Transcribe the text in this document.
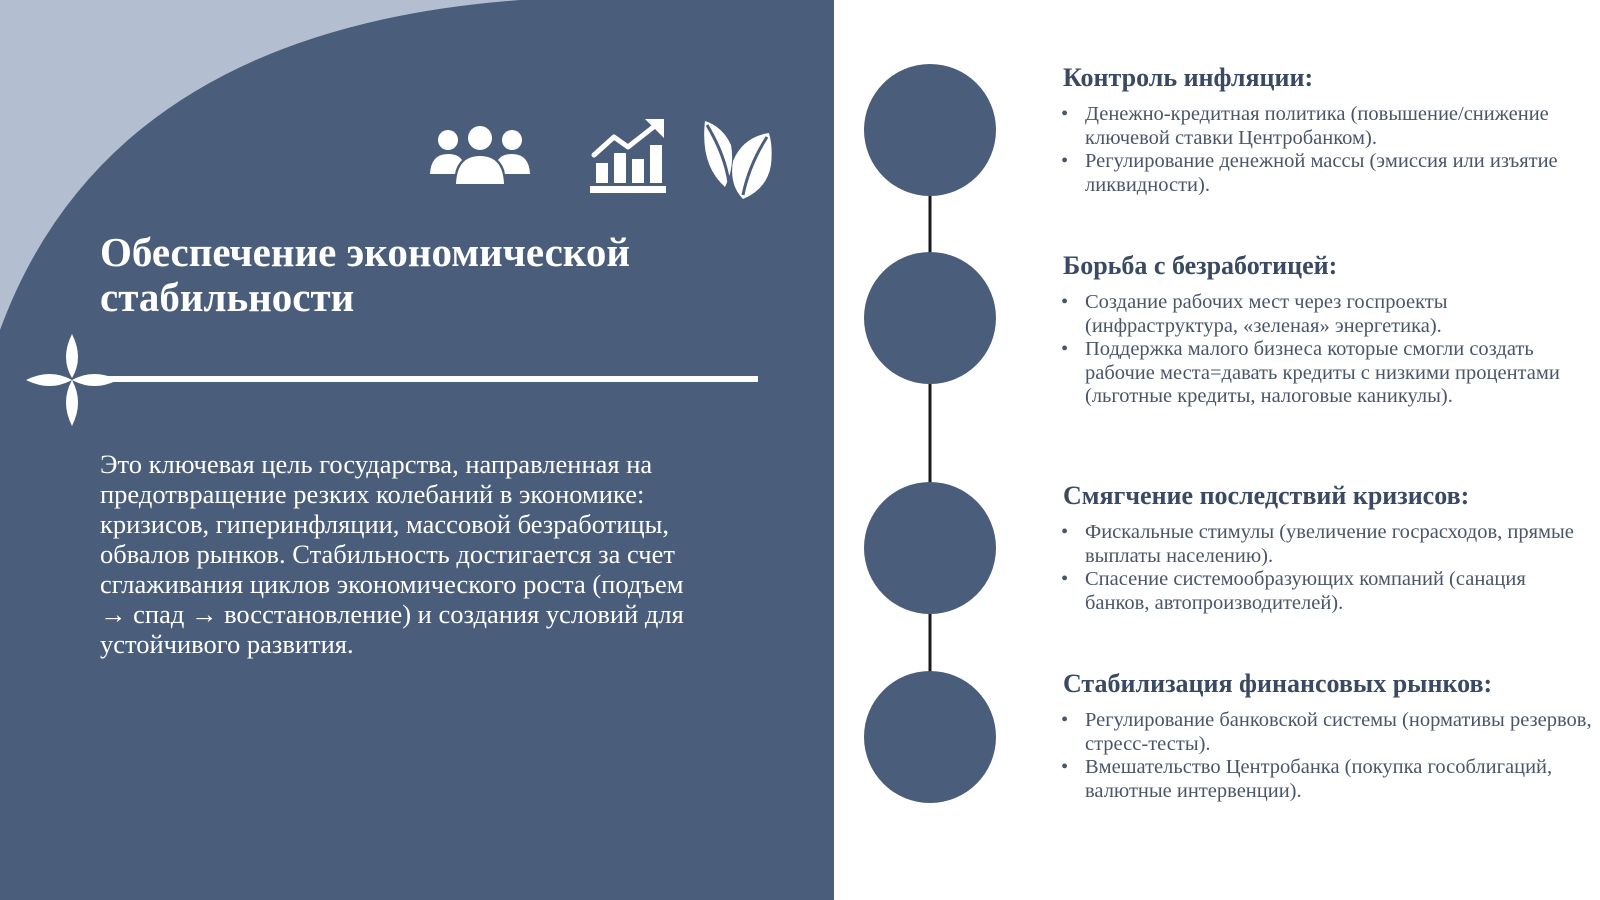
Обеспечение экономической стабильности

Это ключевая цель государства, направленная на предотвращение резких колебаний в экономике: кризисов, гиперинфляции, массовой безработицы, обвалов рынков. Стабильность достигается за счет сглаживания циклов экономического роста (подъем → спад → восстановление) и создания условий для устойчивого развития.

Контроль инфляции:
• Денежно-кредитная политика (повышение/снижение ключевой ставки Центробанком).
• Регулирование денежной массы (эмиссия или изъятие ликвидности).
Борьба с безработицей:
• Создание рабочих мест через госпроекты (инфраструктура, «зеленая» энергетика).
• Поддержка малого бизнеса которые смогли создать рабочие места=давать кредиты с низкими процентами (льготные кредиты, налоговые каникулы).
Смягчение последствий кризисов:
• Фискальные стимулы (увеличение госрасходов, прямые выплаты населению).
• Спасение системообразующих компаний (санация банков, автопроизводителей).
Стабилизация финансовых рынков:
• Регулирование банковской системы (нормативы резервов, стресс-тесты).
• Вмешательство Центробанка (покупка гособлигаций, валютные интервенции).
